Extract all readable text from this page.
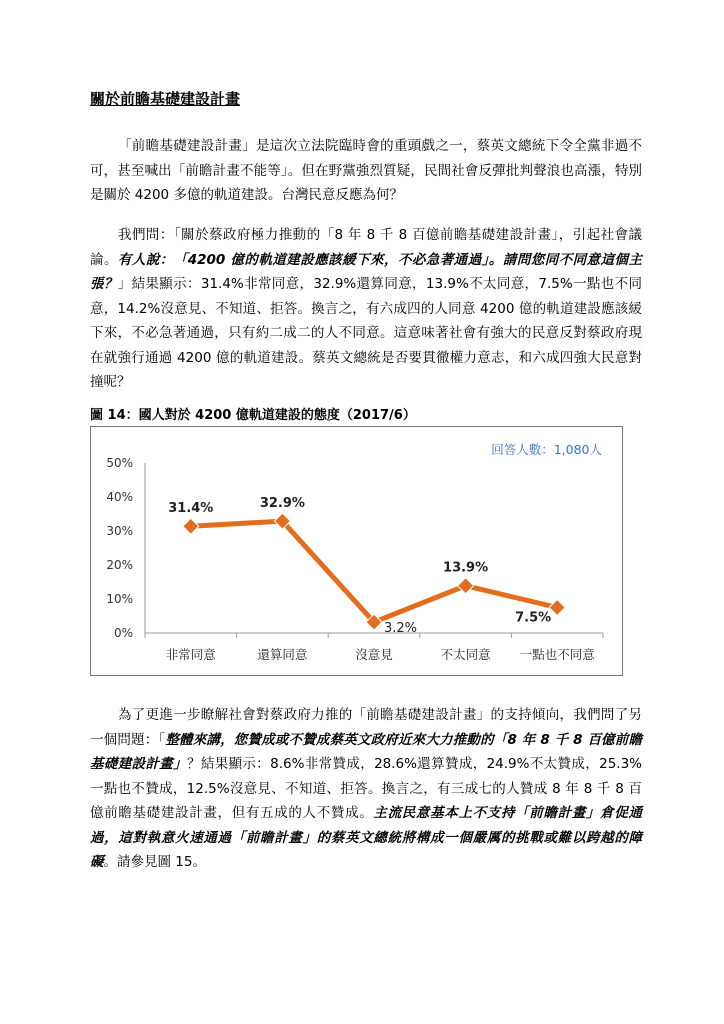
關於前瞻基礎建設計畫

「前瞻基礎建設計畫」是這次立法院臨時會的重頭戲之一，蔡英文總統下令全黨非過不可，甚至喊出「前瞻計畫不能等」。但在野黨強烈質疑，民間社會反彈批判聲浪也高漲，特別是關於 4200 多億的軌道建設。台灣民意反應為何？

我們問：「關於蔡政府極力推動的「8 年 8 千 8 百億前瞻基礎建設計畫」，引起社會議論。有人說：「4200 億的軌道建設應該緩下來，不必急著通過」。請問您同不同意這個主張？」結果顯示：31.4%非常同意，32.9%還算同意，13.9%不太同意，7.5%一點也不同意，14.2%沒意見、不知道、拒答。換言之，有六成四的人同意 4200 億的軌道建設應該緩下來，不必急著通過，只有約二成二的人不同意。這意味著社會有強大的民意反對蔡政府現在就強行通過 4200 億的軌道建設。蔡英文總統是否要貫徹權力意志，和六成四強大民意對撞呢？

圖 14：國人對於 4200 億軌道建設的態度（2017/6）
回答人數：1,080人
0%
10%
20%
30%
40%
50%
非常同意	還算同意	沒意見	不太同意 一點也不同意
31.4%	32.9%
3.2%
13.9%
7.5%

為了更進一步瞭解社會對蔡政府力推的「前瞻基礎建設計畫」的支持傾向，我們問了另一個問題：「整體來講，您贊成或不贊成蔡英文政府近來大力推動的「8 年 8 千 8 百億前瞻基礎建設計畫」？結果顯示：8.6%非常贊成，28.6%還算贊成，24.9%不太贊成，25.3%一點也不贊成，12.5%沒意見、不知道、拒答。換言之，有三成七的人贊成 8 年 8 千 8 百億前瞻基礎建設計畫，但有五成的人不贊成。主流民意基本上不支持「前瞻計畫」倉促通過，這對執意火速通過「前瞻計畫」的蔡英文總統將構成一個嚴厲的挑戰或難以跨越的障礙。請參見圖 15。
